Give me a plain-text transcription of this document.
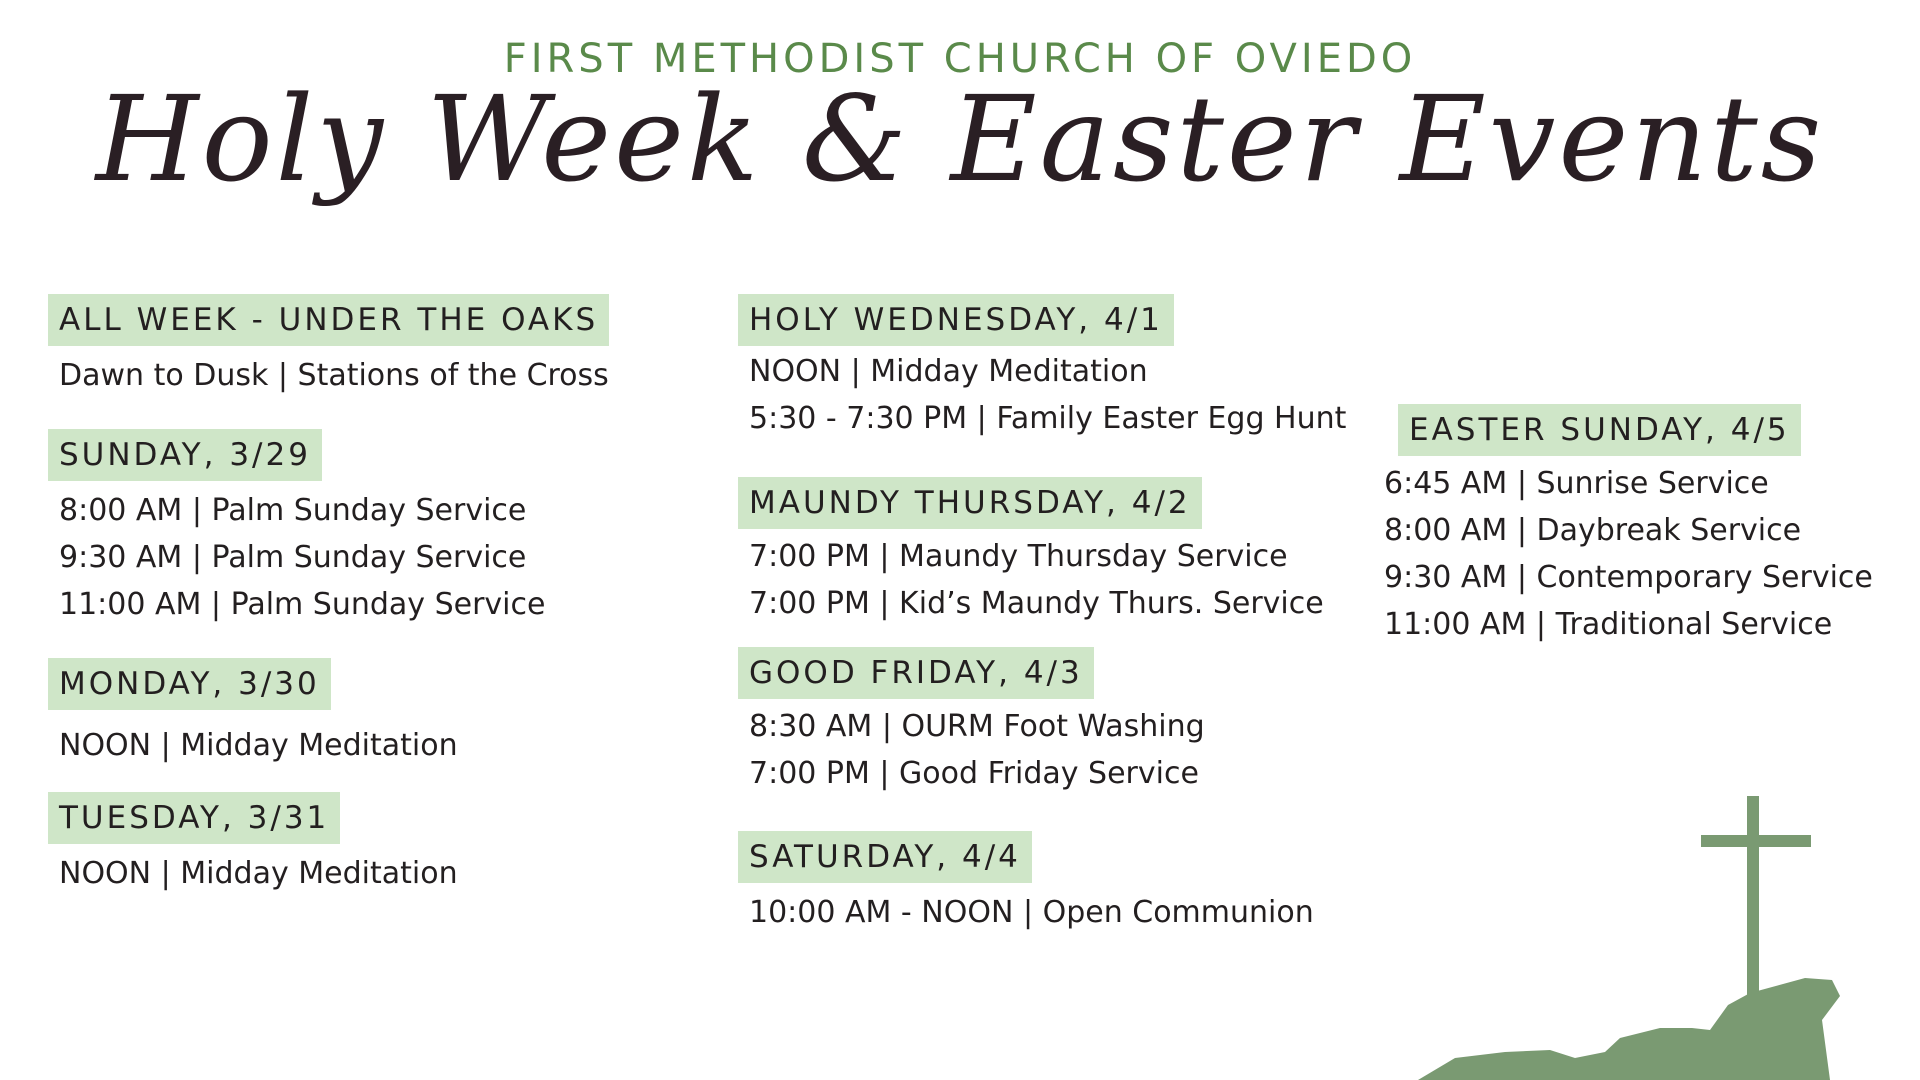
FIRST METHODIST CHURCH OF OVIEDO
Holy Week & Easter Events
ALL WEEK - UNDER THE OAKS
Dawn to Dusk | Stations of the Cross
SUNDAY, 3/29
8:00 AM | Palm Sunday Service
9:30 AM | Palm Sunday Service
11:00 AM | Palm Sunday Service
MONDAY, 3/30
NOON | Midday Meditation
TUESDAY, 3/31
NOON | Midday Meditation
HOLY WEDNESDAY, 4/1
NOON | Midday Meditation
5:30 - 7:30 PM | Family Easter Egg Hunt
MAUNDY THURSDAY, 4/2
7:00 PM | Maundy Thursday Service
7:00 PM | Kid’s Maundy Thurs. Service
GOOD FRIDAY, 4/3
8:30 AM | OURM Foot Washing
7:00 PM | Good Friday Service
SATURDAY, 4/4
10:00 AM - NOON | Open Communion
EASTER SUNDAY, 4/5
6:45 AM | Sunrise Service
8:00 AM | Daybreak Service
9:30 AM | Contemporary Service
11:00 AM | Traditional Service
